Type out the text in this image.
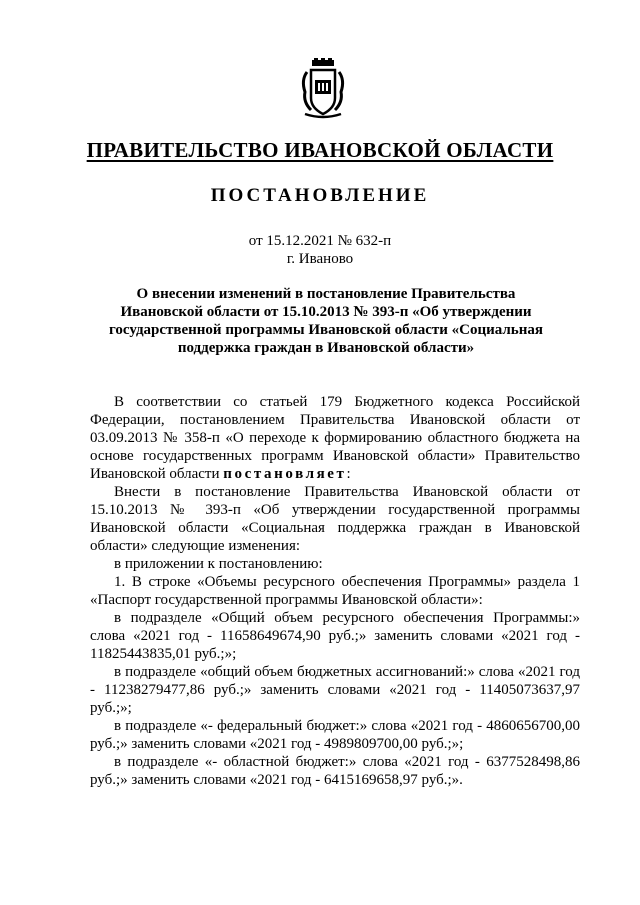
ПРАВИТЕЛЬСТВО ИВАНОВСКОЙ ОБЛАСТИ
ПОСТАНОВЛЕНИЕ
от 15.12.2021 № 632-п
г. Иваново
О внесении изменений в постановление Правительства Ивановской области от 15.10.2013 № 393-п «Об утверждении государственной программы Ивановской области «Социальная поддержка граждан в Ивановской области»

В соответствии со статьей 179 Бюджетного кодекса Российской Федерации, постановлением Правительства Ивановской области от 03.09.2013 № 358-п «О переходе к формированию областного бюджета на основе государственных программ Ивановской области» Правительство Ивановской области постановляет:

Внести в постановление Правительства Ивановской области от 15.10.2013 № 393-п «Об утверждении государственной программы Ивановской области «Социальная поддержка граждан в Ивановской области» следующие изменения:

в приложении к постановлению:

1. В строке «Объемы ресурсного обеспечения Программы» раздела 1 «Паспорт государственной программы Ивановской области»:

в подразделе «Общий объем ресурсного обеспечения Программы:» слова «2021 год - 11658649674,90 руб.;» заменить словами «2021 год - 11825443835,01 руб.;»;

в подразделе «общий объем бюджетных ассигнований:» слова «2021 год - 11238279477,86 руб.;» заменить словами «2021 год - 11405073637,97 руб.;»;

в подразделе «- федеральный бюджет:» слова «2021 год - 4860656700,00 руб.;» заменить словами «2021 год - 4989809700,00 руб.;»;

в подразделе «- областной бюджет:» слова «2021 год - 6377528498,86 руб.;» заменить словами «2021 год - 6415169658,97 руб.;».
